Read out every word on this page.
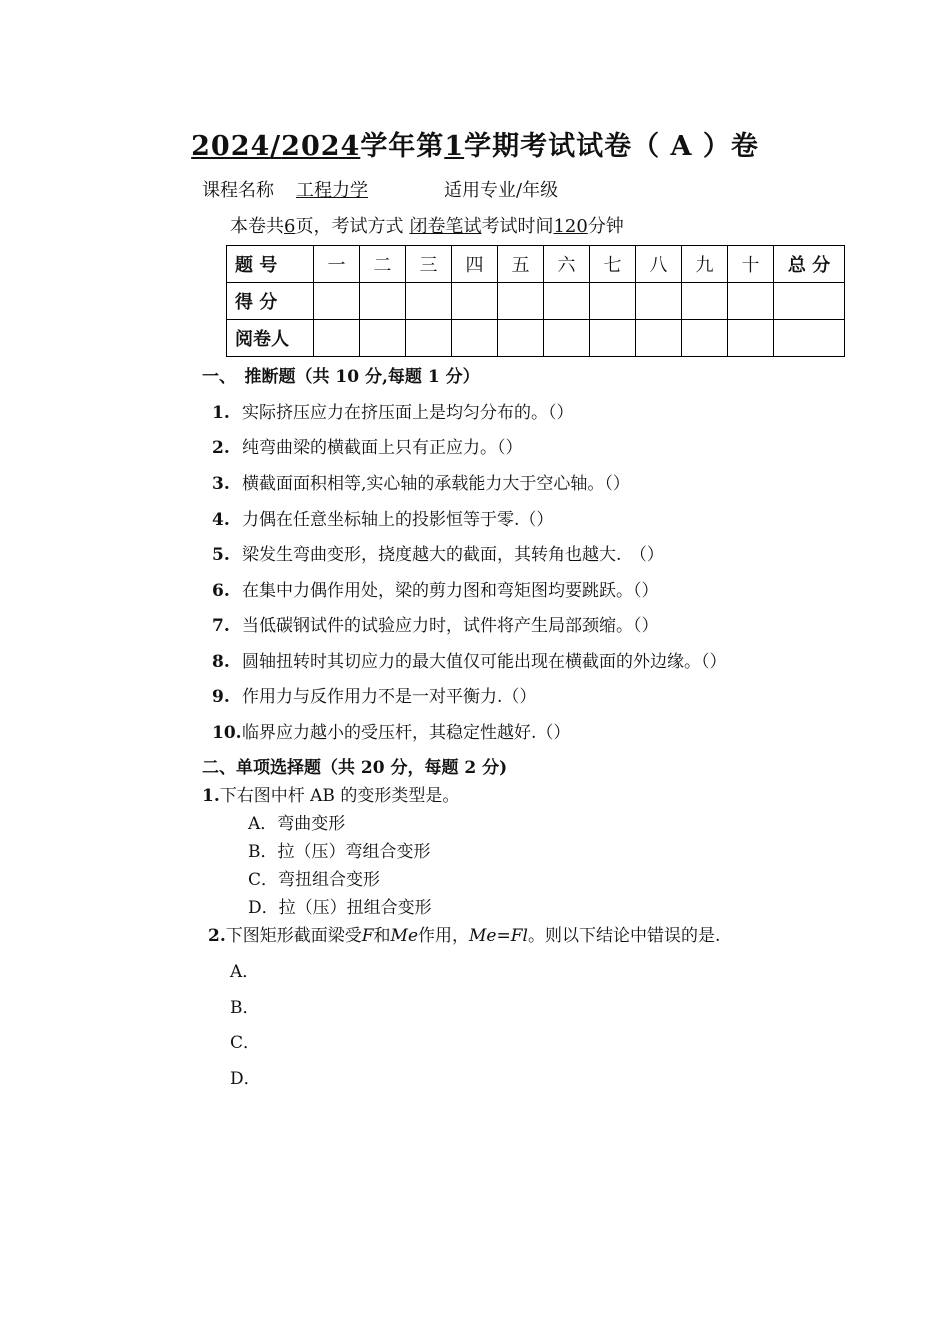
2024/2024学年第1学期考试试卷（ A ）卷
课程名称 工程力学	适用专业/年级
本卷共6页，考试方式 闭卷笔试考试时间120分钟
题 号	一	二	三	四	五	六	七	八	九	十	总 分
得 分											
阅卷人											
一、　推断题（共 10 分,每题 1 分）
1. 实际挤压应力在挤压面上是均匀分布的。（）
2. 纯弯曲梁的横截面上只有正应力。（）
3. 横截面面积相等,实心轴的承载能力大于空心轴。（）
4. 力偶在任意坐标轴上的投影恒等于零.（）
5. 梁发生弯曲变形，挠度越大的截面，其转角也越大.　（）
6. 在集中力偶作用处，梁的剪力图和弯矩图均要跳跃。（）
7. 当低碳钢试件的试验应力时，试件将产生局部颈缩。（）
8. 圆轴扭转时其切应力的最大值仅可能出现在横截面的外边缘。（）
9. 作用力与反作用力不是一对平衡力.（）
10.临界应力越小的受压杆，其稳定性越好.（）
二、单项选择题（共 20 分，每题 2 分)
1.下右图中杆 AB 的变形类型是。
A．弯曲变形
B．拉（压）弯组合变形
C．弯扭组合变形
D．拉（压）扭组合变形
2.下图矩形截面梁受F和Me作用，Me=Fl。则以下结论中错误的是.
A．
B．
C．
D．
